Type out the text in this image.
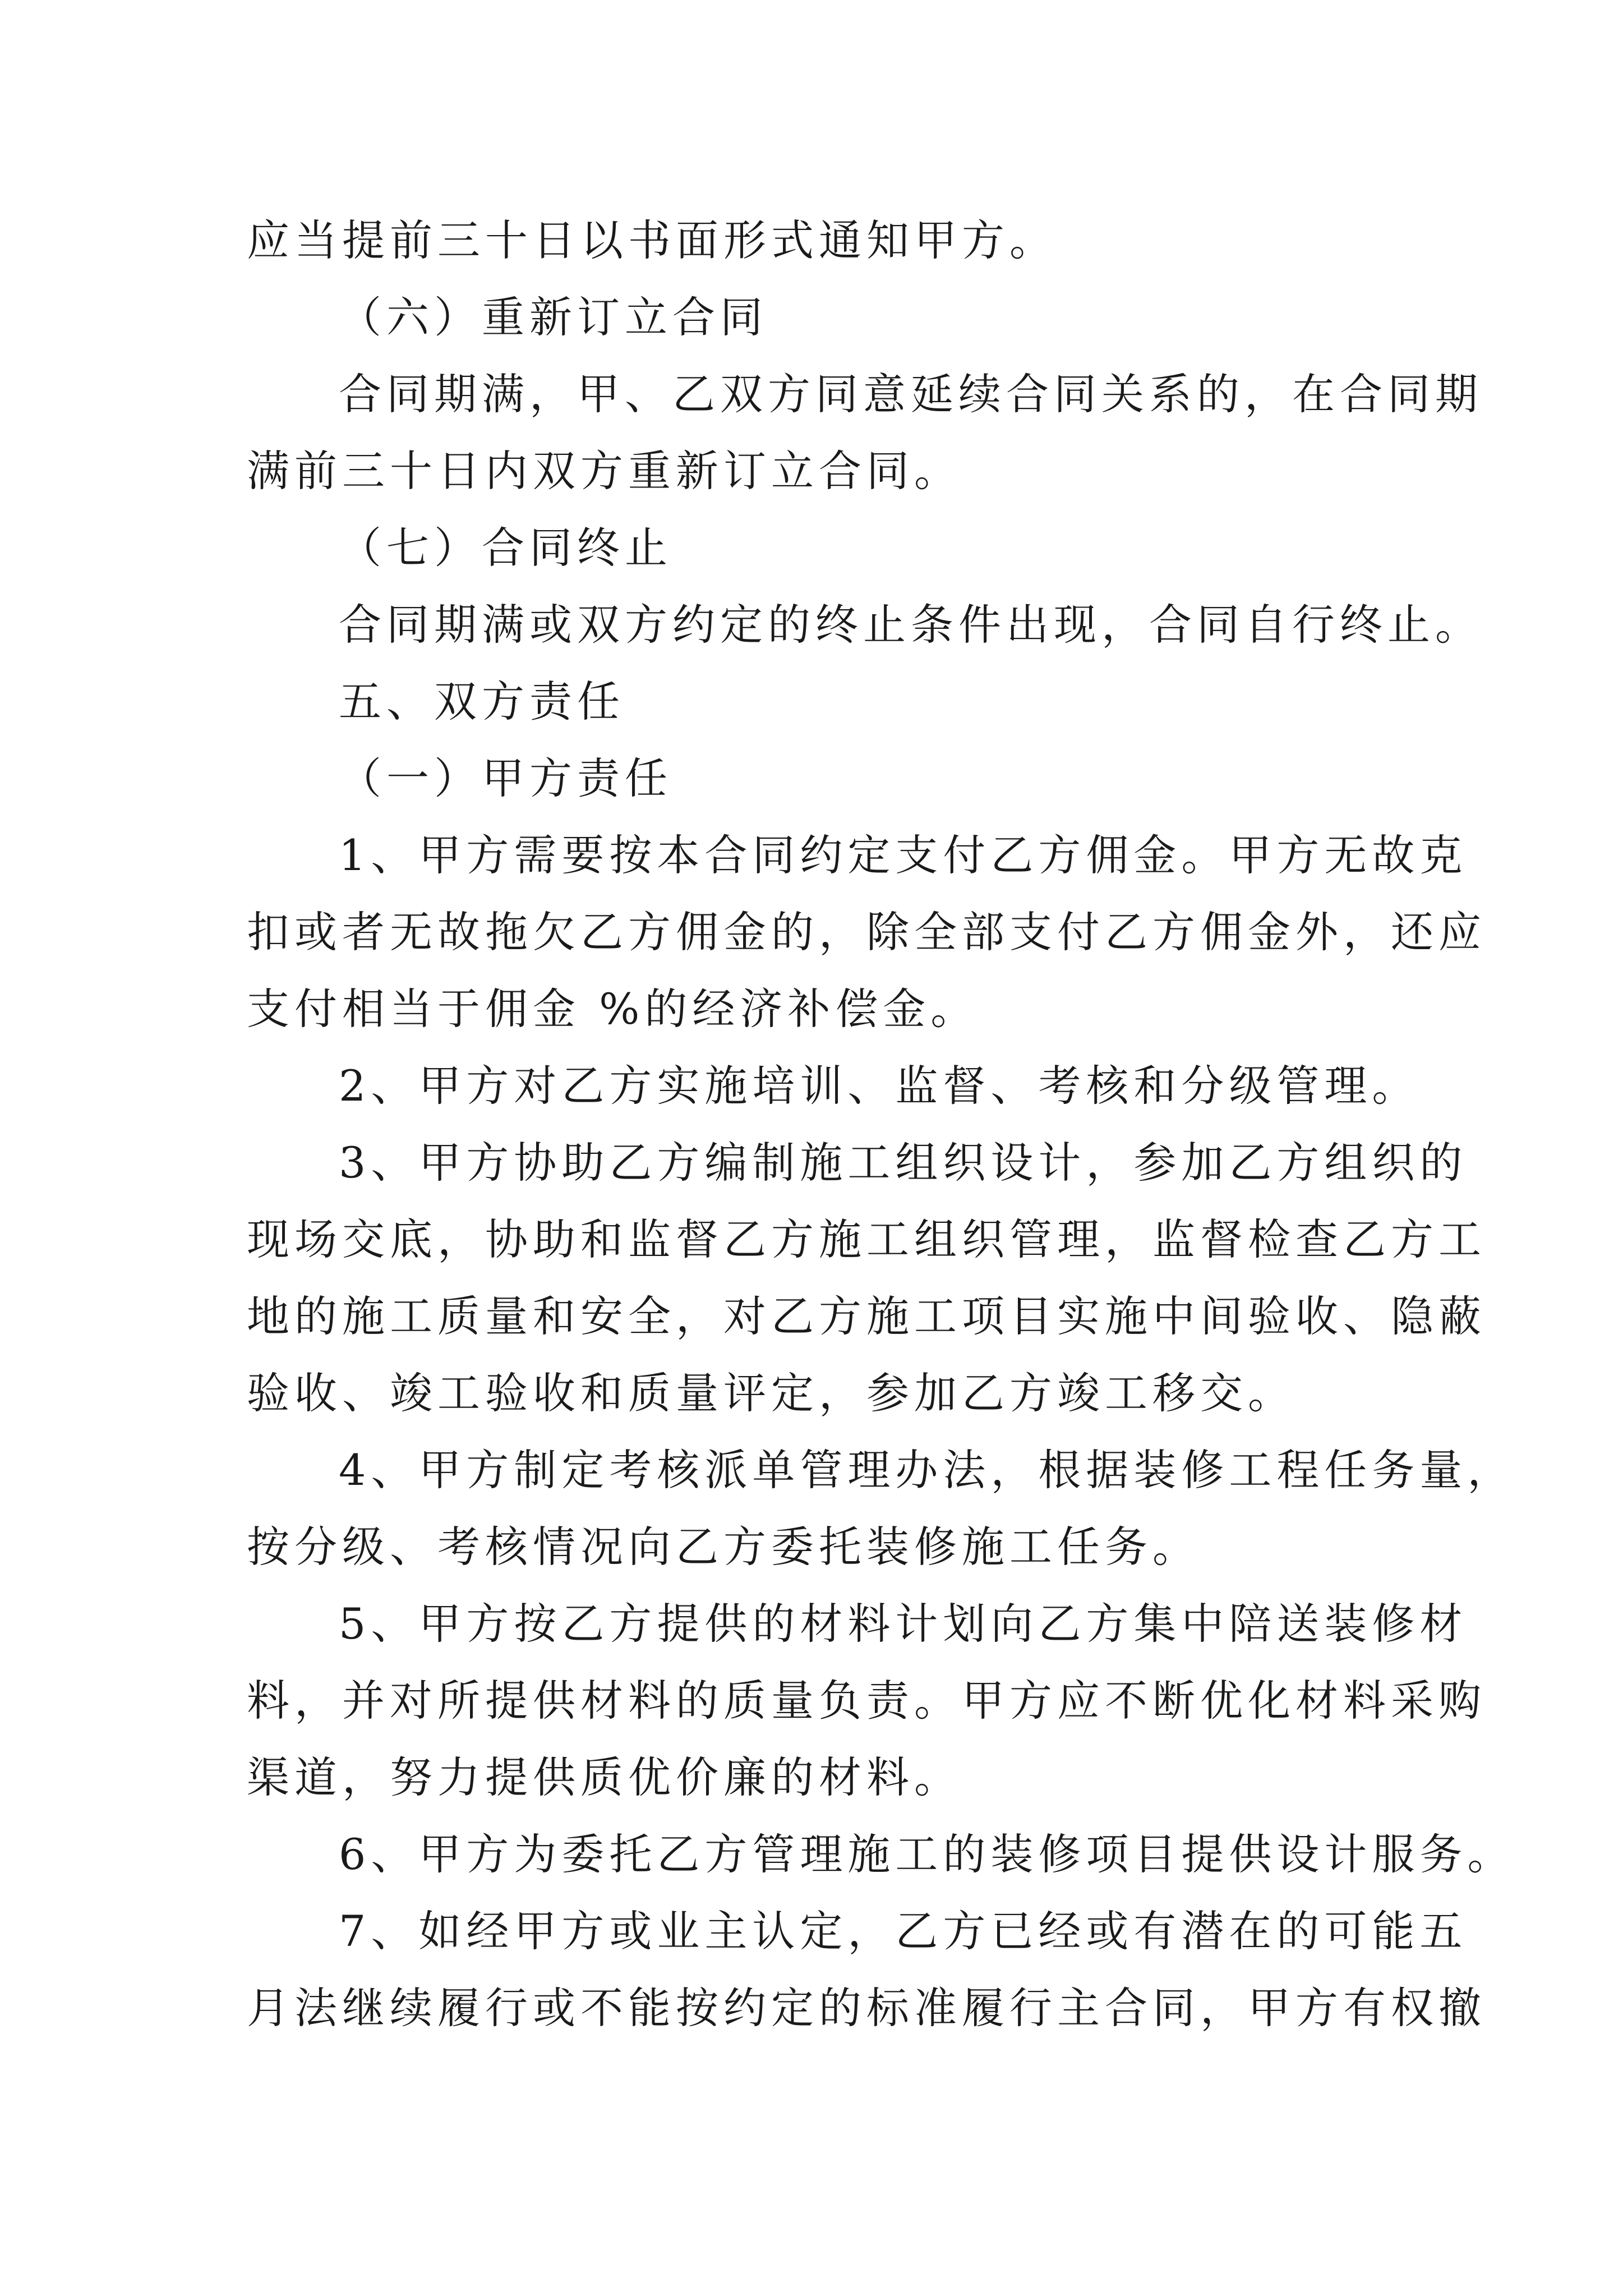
应当提前三十日以书面形式通知甲方。

（六）重新订立合同

合同期满，甲、乙双方同意延续合同关系的，在合同期

满前三十日内双方重新订立合同。

（七）合同终止

合同期满或双方约定的终止条件出现，合同自行终止。

五、双方责任

（一）甲方责任

1、甲方需要按本合同约定支付乙方佣金。甲方无故克

扣或者无故拖欠乙方佣金的，除全部支付乙方佣金外，还应

支付相当于佣金 %的经济补偿金。

2、甲方对乙方实施培训、监督、考核和分级管理。

3、甲方协助乙方编制施工组织设计，参加乙方组织的

现场交底，协助和监督乙方施工组织管理，监督检查乙方工

地的施工质量和安全，对乙方施工项目实施中间验收、隐蔽

验收、竣工验收和质量评定，参加乙方竣工移交。

4、甲方制定考核派单管理办法，根据装修工程任务量，

按分级、考核情况向乙方委托装修施工任务。

5、甲方按乙方提供的材料计划向乙方集中陪送装修材

料，并对所提供材料的质量负责。甲方应不断优化材料采购

渠道，努力提供质优价廉的材料。

6、甲方为委托乙方管理施工的装修项目提供设计服务。

7、如经甲方或业主认定，乙方已经或有潜在的可能五

月法继续履行或不能按约定的标准履行主合同，甲方有权撤
